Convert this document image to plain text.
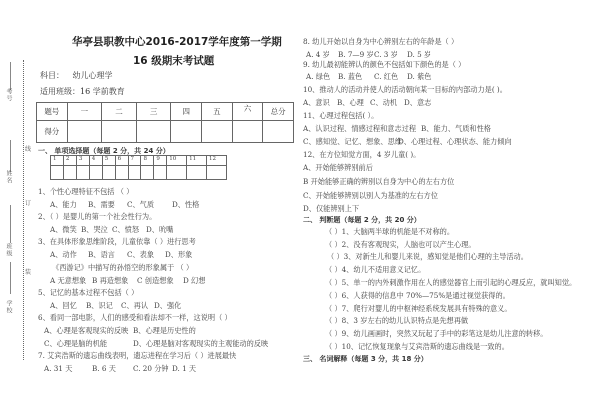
考号
姓名
班级
学校
线
订
装
华亭县职教中心2016-2017学年度第一学期
16 级期末考试题
科目： 幼儿心理学
适用班级：16 学前教育
题号	一	二	三	四	五	六	总分
得分							
一、 单项选择题（每题 2 分，共 24 分）
1	2	3	4	5	6	7	8	9	10	11	12

1、个性心理特征不包括 （ ）
A、能力 B、需要 C、气质 D、性格
2、（ ）是婴儿的第一个社会性行为。
A、微笑 B、哭泣 C、愤怒 D、吮嘴
3、在具体形象思维阶段，儿童依靠（ ）进行思考
A、动作 B、语言 C、表象 D、形象
《西游记》中描写的孙悟空的形象属于 （ ）
A 无意想象 B 再造想象 C 创造想象 D 幻想
5、记忆的基本过程不包括（ ）
A、回忆 B、识记 C、再认 D、强化
6、看同一部电影，人们的感受和看法却不一样，这说明（ ）
A、心理是客观现实的反映 B、心理是历史性的
C、心理是脑的机能	D、心理是脑对客观现实的主观能动的反映
7. 艾宾浩斯的遗忘曲线表明，遗忘进程在学习后（ ）进展最快
A. 31 天	B. 6 天 C. 20 分钟 D. 1 天
8. 幼儿开始以自身为中心辨别左右的年龄是（ ）
A. 4 岁 B. 7—9 岁 C. 3 岁 D. 5 岁
9. 幼儿最初能辨认的颜色不包括如下颜色的是（ ）
A. 绿色 B. 蓝色 C. 红色 D. 紫色
10、推动人的活动并使人的活动朝向某一目标的内部动力是( )。
A、意识 B、心理 C、动机 D、意志
11、心理过程包括( ）。
A、认识过程、情感过程和意志过程 B、能力、气质和性格
C、感知觉、记忆、想象、思维
D、心理过程、心理状态、能力倾向
12、在方位知觉方面，4 岁儿童( )。
A、开始能够辨别前后
B 开始能够正确的辨别以自身为中心的左右方位
C、开始能够辨别以别人为基准的左右方位
D、仅能辨别上下
二、 判断题（每题 2 分，共 20 分）
（ ）1、大脑两半球的机能是不对称的。
（ ）2、没有客观现实，人脑也可以产生心理。
（ ）3、对新生儿和婴儿来说，感知觉是他们心理的主导活动。
（ ）4、幼儿不适用意义记忆。
（ ）5、单一的内外刺激作用在人的感觉器官上而引起的心理反应，就叫知觉。
（ ）6、人获得的信息中 70%—75%是通过视觉获得的。
（ ）7、爬行对婴儿的中枢神经系统发展具有特殊的意义。
（ ）8、3 岁左右的幼儿认识特点是先想再做
（ ）9、幼儿画画时，突然又玩起了手中的彩笔这是幼儿注意的转移。
（ ）10、记忆恢复现象与艾宾浩斯的遗忘曲线是一致的。
三、 名词解释（每题 3 分，共 18 分）
